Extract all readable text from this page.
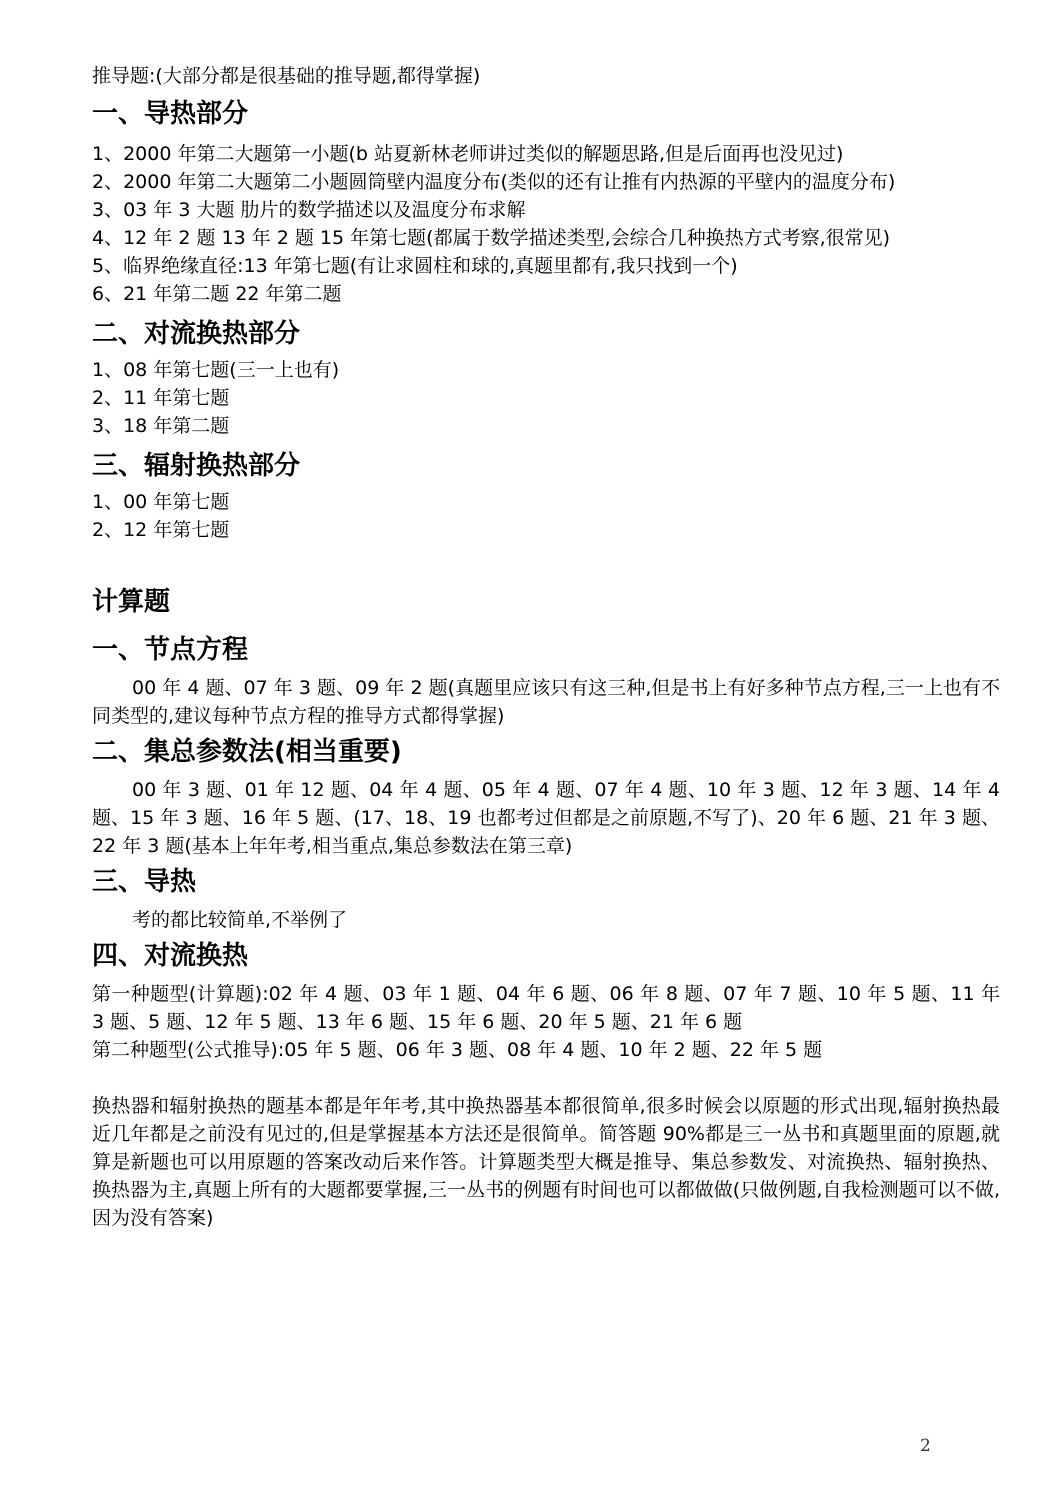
推导题:(大部分都是很基础的推导题,都得掌握)
一、导热部分
1、2000 年第二大题第一小题(b 站夏新林老师讲过类似的解题思路,但是后面再也没见过)
2、2000 年第二大题第二小题圆筒壁内温度分布(类似的还有让推有内热源的平壁内的温度分布)
3、03 年 3 大题 肋片的数学描述以及温度分布求解
4、12 年 2 题 13 年 2 题 15 年第七题(都属于数学描述类型,会综合几种换热方式考察,很常见)
5、临界绝缘直径:13 年第七题(有让求圆柱和球的,真题里都有,我只找到一个)
6、21 年第二题 22 年第二题
二、对流换热部分
1、08 年第七题(三一上也有)
2、11 年第七题
3、18 年第二题
三、辐射换热部分
1、00 年第七题
2、12 年第七题
计算题
一、节点方程
00 年 4 题、07 年 3 题、09 年 2 题(真题里应该只有这三种,但是书上有好多种节点方程,三一上也有不同类型的,建议每种节点方程的推导方式都得掌握)
二、集总参数法(相当重要)
00 年 3 题、01 年 12 题、04 年 4 题、05 年 4 题、07 年 4 题、10 年 3 题、12 年 3 题、14 年 4 题、15 年 3 题、16 年 5 题、(17、18、19 也都考过但都是之前原题,不写了)、20 年 6 题、21 年 3 题、22 年 3 题(基本上年年考,相当重点,集总参数法在第三章)
三、导热
考的都比较简单,不举例了
四、对流换热
第一种题型(计算题):02 年 4 题、03 年 1 题、04 年 6 题、06 年 8 题、07 年 7 题、10 年 5 题、11 年 3 题、5 题、12 年 5 题、13 年 6 题、15 年 6 题、20 年 5 题、21 年 6 题
第二种题型(公式推导):05 年 5 题、06 年 3 题、08 年 4 题、10 年 2 题、22 年 5 题
换热器和辐射换热的题基本都是年年考,其中换热器基本都很简单,很多时候会以原题的形式出现,辐射换热最近几年都是之前没有见过的,但是掌握基本方法还是很简单。简答题 90%都是三一丛书和真题里面的原题,就算是新题也可以用原题的答案改动后来作答。计算题类型大概是推导、集总参数发、对流换热、辐射换热、换热器为主,真题上所有的大题都要掌握,三一丛书的例题有时间也可以都做做(只做例题,自我检测题可以不做,因为没有答案)
2
